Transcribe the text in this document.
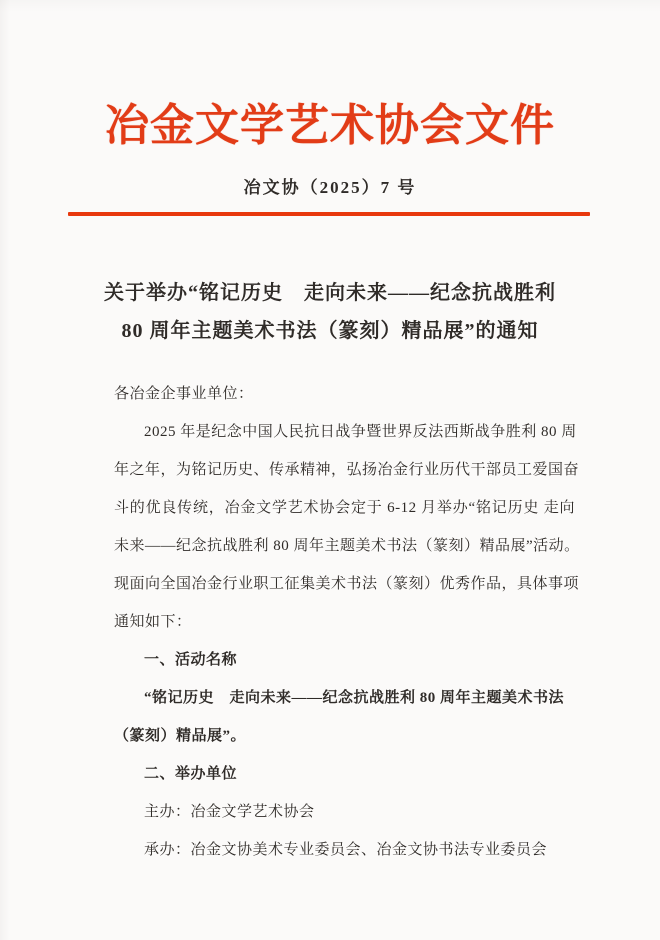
冶金文学艺术协会文件
冶文协（2025）7 号
关于举办“铭记历史　走向未来——纪念抗战胜利
80 周年主题美术书法（篆刻）精品展”的通知
各冶金企事业单位：
2025 年是纪念中国人民抗日战争暨世界反法西斯战争胜利 80 周
年之年，为铭记历史、传承精神，弘扬冶金行业历代干部员工爱国奋
斗的优良传统，冶金文学艺术协会定于 6-12 月举办“铭记历史 走向
未来——纪念抗战胜利 80 周年主题美术书法（篆刻）精品展”活动。
现面向全国冶金行业职工征集美术书法（篆刻）优秀作品，具体事项
通知如下：
一、活动名称
“铭记历史　走向未来——纪念抗战胜利 80 周年主题美术书法
（篆刻）精品展”。
二、举办单位
主办：冶金文学艺术协会
承办：冶金文协美术专业委员会、冶金文协书法专业委员会
